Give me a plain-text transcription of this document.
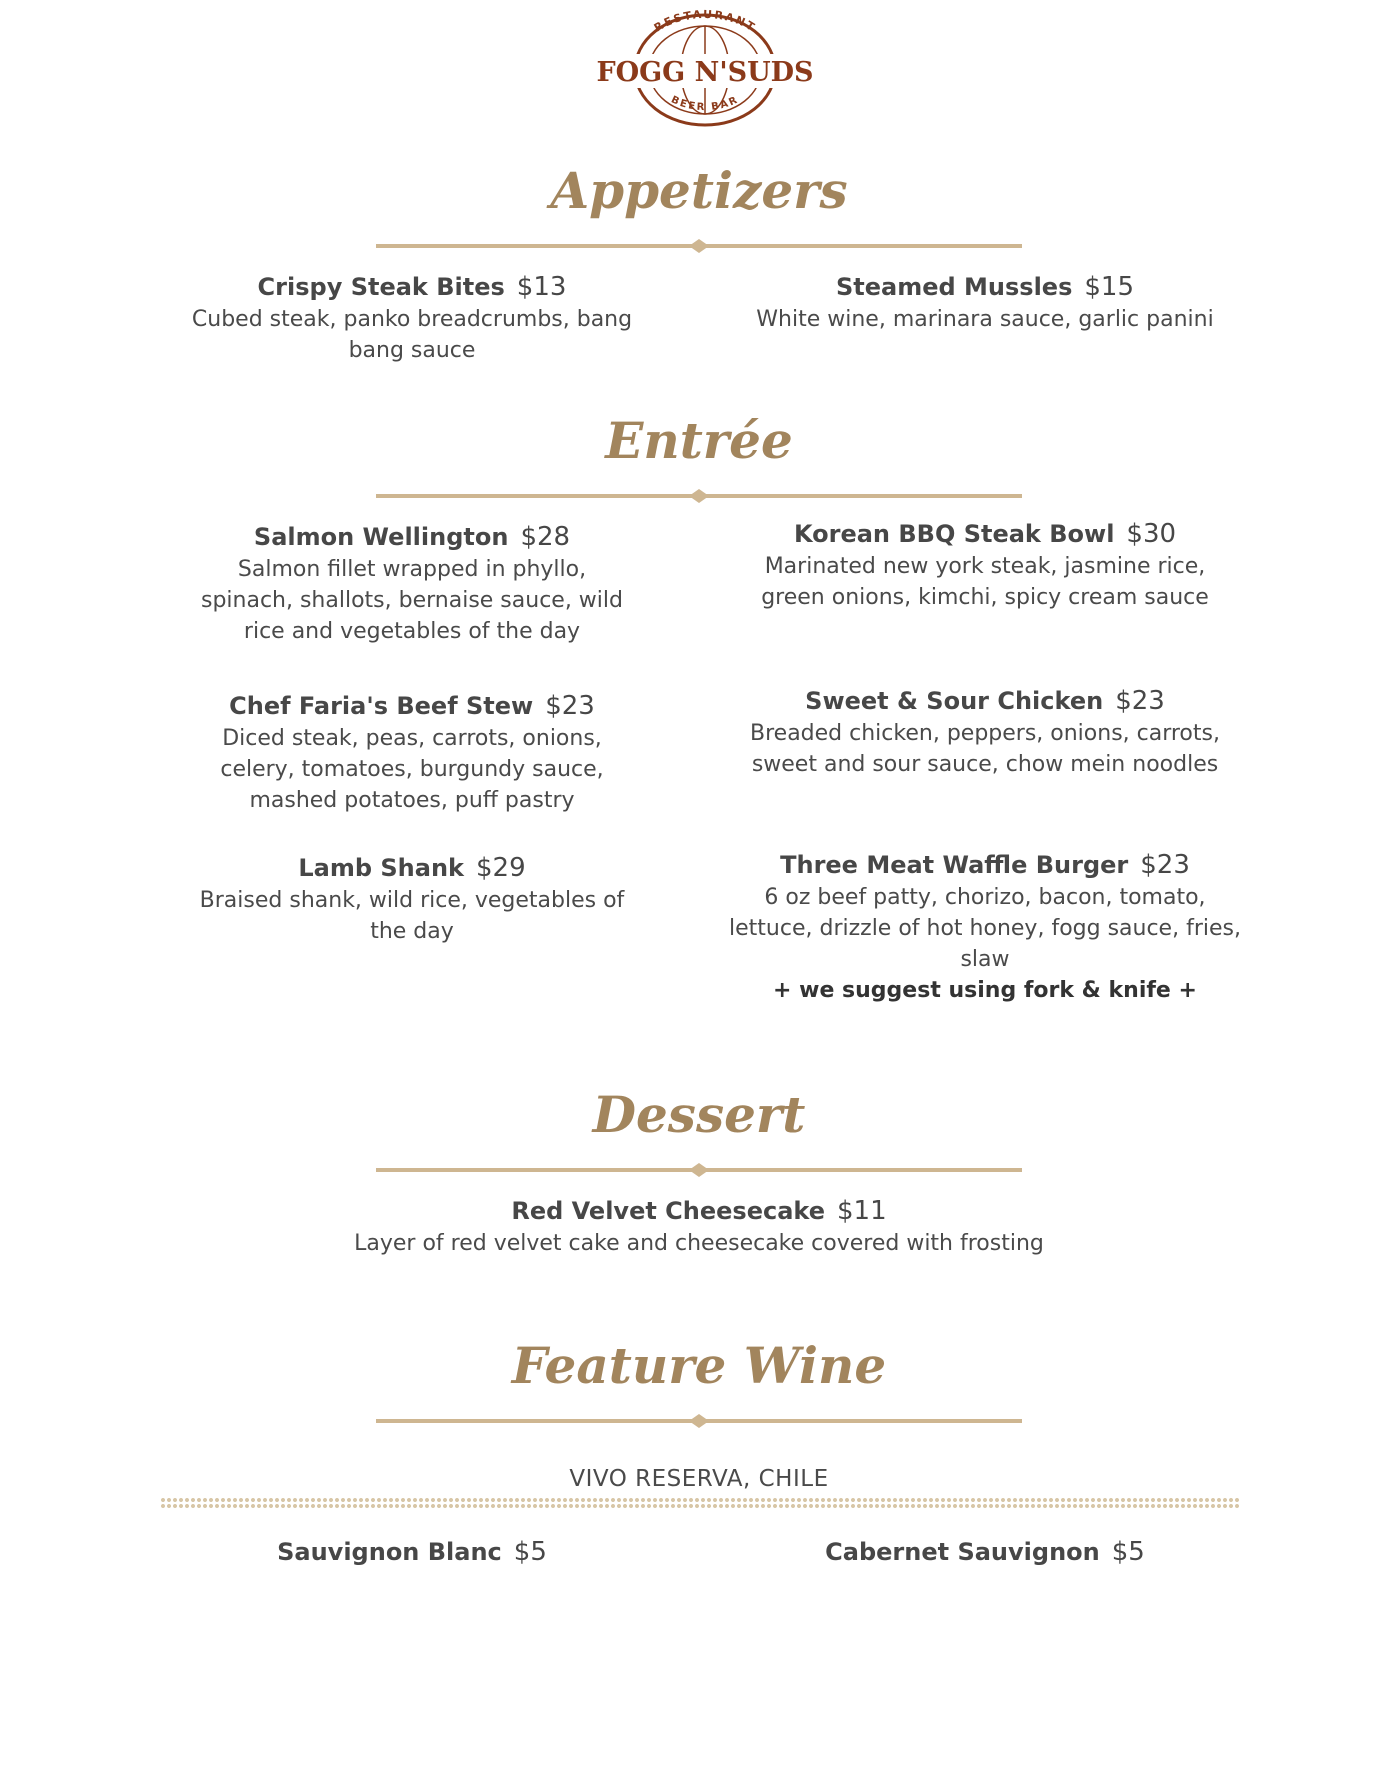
RESTAURANT
FOGG N'SUDS
BEER BAR
Appetizers
Crispy Steak Bites $13
Cubed steak, panko breadcrumbs, bang bang sauce
Steamed Mussles $15
White wine, marinara sauce, garlic panini
Entrée
Salmon Wellington $28
Salmon fillet wrapped in phyllo, spinach, shallots, bernaise sauce, wild rice and vegetables of the day
Korean BBQ Steak Bowl $30
Marinated new york steak, jasmine rice, green onions, kimchi, spicy cream sauce
Chef Faria's Beef Stew $23
Diced steak, peas, carrots, onions, celery, tomatoes, burgundy sauce, mashed potatoes, puff pastry
Sweet & Sour Chicken $23
Breaded chicken, peppers, onions, carrots, sweet and sour sauce, chow mein noodles
Lamb Shank $29
Braised shank, wild rice, vegetables of the day
Three Meat Waffle Burger $23
6 oz beef patty, chorizo, bacon, tomato, lettuce, drizzle of hot honey, fogg sauce, fries, slaw
+ we suggest using fork & knife +
Dessert
Red Velvet Cheesecake $11
Layer of red velvet cake and cheesecake covered with frosting
Feature Wine
VIVO RESERVA, CHILE
Sauvignon Blanc $5	Cabernet Sauvignon $5
